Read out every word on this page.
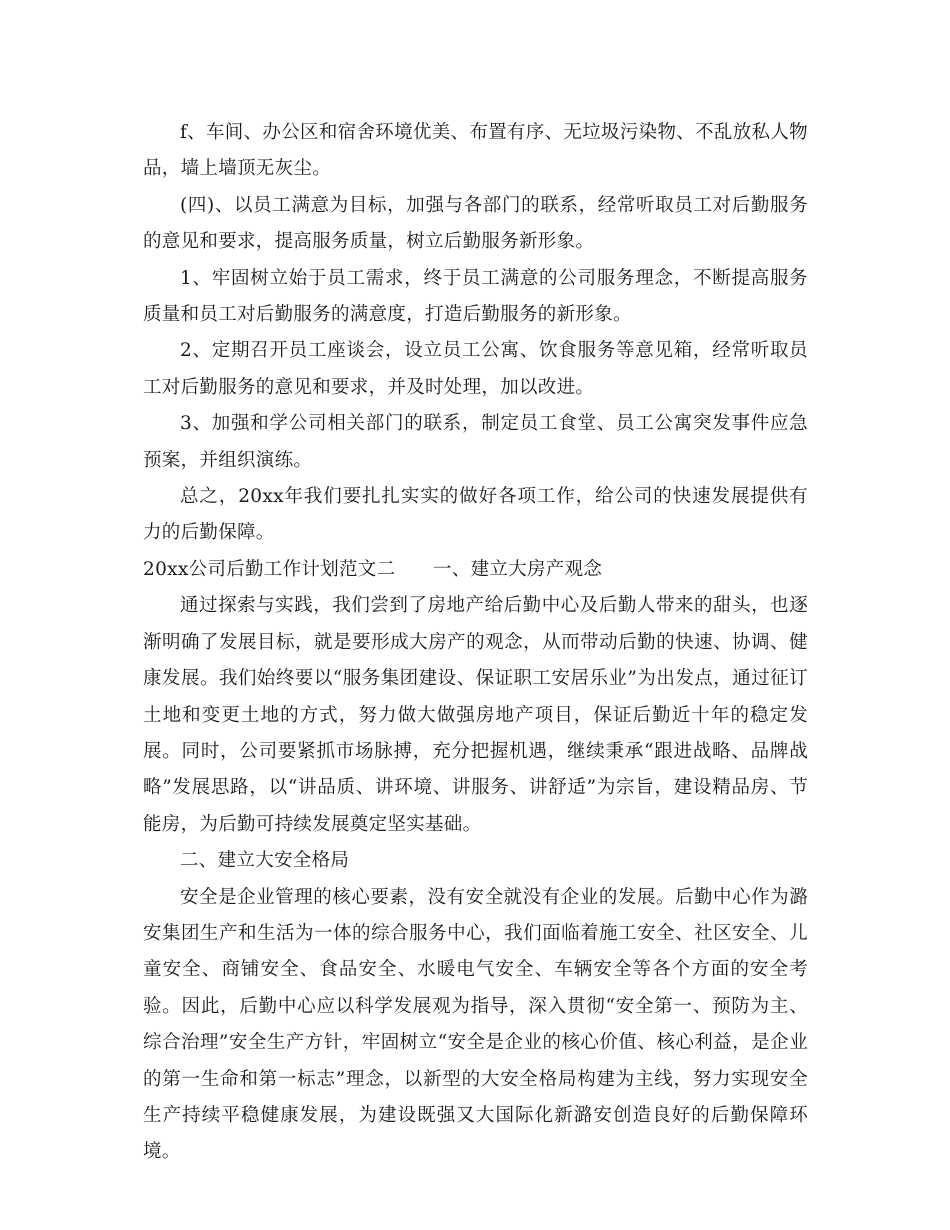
f、车间、办公区和宿舍环境优美、布置有序、无垃圾污染物、不乱放私人物品，墙上墙顶无灰尘。

(四)、以员工满意为目标，加强与各部门的联系，经常听取员工对后勤服务的意见和要求，提高服务质量，树立后勤服务新形象。

1、牢固树立始于员工需求，终于员工满意的公司服务理念，不断提高服务质量和员工对后勤服务的满意度，打造后勤服务的新形象。

2、定期召开员工座谈会，设立员工公寓、饮食服务等意见箱，经常听取员工对后勤服务的意见和要求，并及时处理，加以改进。

3、加强和学公司相关部门的联系，制定员工食堂、员工公寓突发事件应急预案，并组织演练。

总之，20xx年我们要扎扎实实的做好各项工作，给公司的快速发展提供有力的后勤保障。

20xx公司后勤工作计划范文二　　一、建立大房产观念

通过探索与实践，我们尝到了房地产给后勤中心及后勤人带来的甜头，也逐渐明确了发展目标，就是要形成大房产的观念，从而带动后勤的快速、协调、健康发展。我们始终要以“服务集团建设、保证职工安居乐业”为出发点，通过征订土地和变更土地的方式，努力做大做强房地产项目，保证后勤近十年的稳定发展。同时，公司要紧抓市场脉搏，充分把握机遇，继续秉承“跟进战略、品牌战略”发展思路，以“讲品质、讲环境、讲服务、讲舒适”为宗旨，建设精品房、节能房，为后勤可持续发展奠定坚实基础。

二、建立大安全格局

安全是企业管理的核心要素，没有安全就没有企业的发展。后勤中心作为潞安集团生产和生活为一体的综合服务中心，我们面临着施工安全、社区安全、儿童安全、商铺安全、食品安全、水暖电气安全、车辆安全等各个方面的安全考验。因此，后勤中心应以科学发展观为指导，深入贯彻“安全第一、预防为主、综合治理”安全生产方针，牢固树立“安全是企业的核心价值、核心利益，是企业的第一生命和第一标志”理念，以新型的大安全格局构建为主线，努力实现安全生产持续平稳健康发展，为建设既强又大国际化新潞安创造良好的后勤保障环境。
